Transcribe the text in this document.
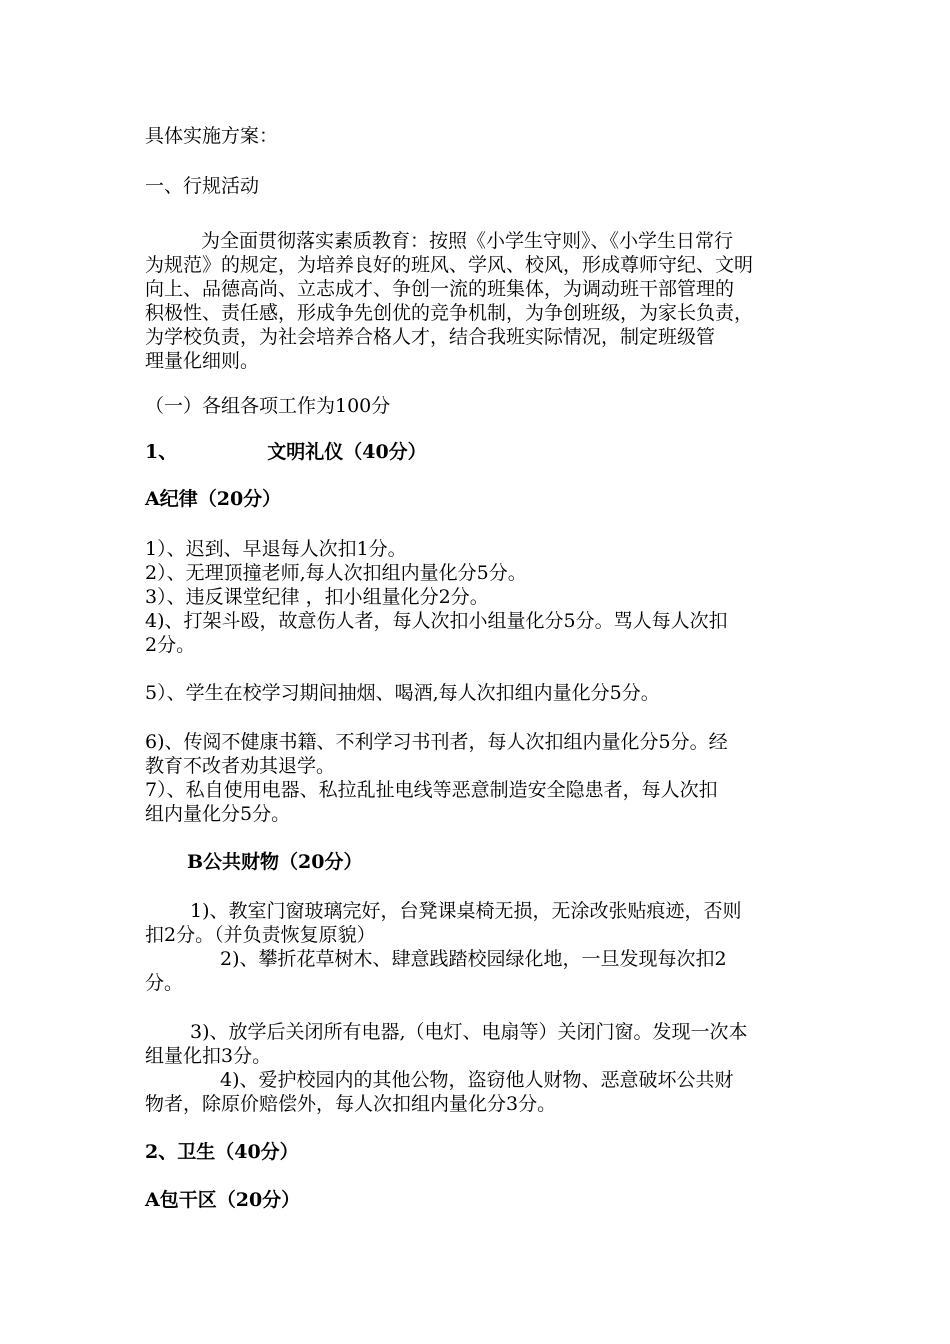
具体实施方案：
一、行规活动
为全面贯彻落实素质教育：按照《小学生守则》、《小学生日常行
为规范》的规定，为培养良好的班风、学风、校风，形成尊师守纪、文明
向上、品德高尚、立志成才、争创一流的班集体，为调动班干部管理的
积极性、责任感，形成争先创优的竞争机制，为争创班级，为家长负责，
为学校负责，为社会培养合格人才，结合我班实际情况，制定班级管
理量化细则。
（一）各组各项工作为100分
1、	文明礼仪（40分）
A纪律（20分）
1）、迟到、早退每人次扣1分。
2）、无理顶撞老师,每人次扣组内量化分5分。
3）、违反课堂纪律 ，扣小组量化分2分。
4)、打架斗殴，故意伤人者，每人次扣小组量化分5分。骂人每人次扣
2分。
5）、学生在校学习期间抽烟、喝酒,每人次扣组内量化分5分。
6)、传阅不健康书籍、不利学习书刊者，每人次扣组内量化分5分。经
教育不改者劝其退学。
7）、私自使用电器、私拉乱扯电线等恶意制造安全隐患者，每人次扣
组内量化分5分。
B公共财物（20分）
1)、教室门窗玻璃完好，台凳课桌椅无损，无涂改张贴痕迹，否则
扣2分。（并负责恢复原貌）
2)、攀折花草树木、肆意践踏校园绿化地，一旦发现每次扣2
分。
3)、放学后关闭所有电器,（电灯、电扇等）关闭门窗。发现一次本
组量化扣3分。
4)、爱护校园内的其他公物，盗窃他人财物、恶意破坏公共财
物者，除原价赔偿外，每人次扣组内量化分3分。
2、卫生（40分）
A包干区（20分）
